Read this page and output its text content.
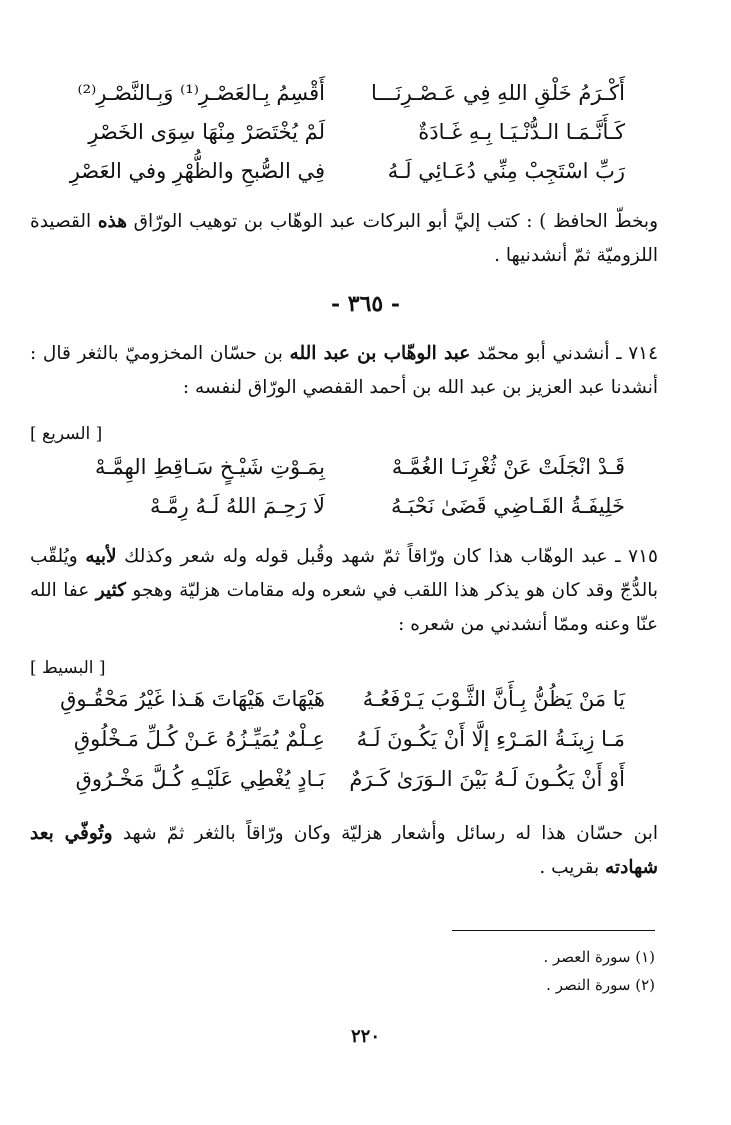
أَكْـرَمُ خَلْقِ اللهِ فِي عَـصْـرِنَـــا
أَقْسِمُ بِـالعَصْـرِ⁽¹⁾ وَبِـالنَّصْـرِ⁽²⁾
كَـأَنَّـمَـا الـدُّنْـيَـا بِـهِ غَـادَةٌ
لَمْ يُخْتَصَرْ مِنْهَا سِوَى الخَصْرِ
رَبِّ اسْتَجِبْ مِنِّي دُعَـائِي لَـهُ
فِي الصُّبحِ والظُّهْرِ وفي العَصْرِ
وبخطّ الحافظ ) : كتب إليَّ أبو البركات عبد الوهّاب بن توهيب الورّاق هذه القصيدة اللزوميّة ثمّ أنشدنيها .
- ٣٦٥ -
٧١٤ ـ أنشدني أبو محمّد عبد الوهّاب بن عبد الله بن حسّان المخزوميّ بالثغر قال : أنشدنا عبد العزيز بن عبد الله بن أحمد القفصي الورّاق لنفسه :
[ السريع ]
قَـدْ انْجَلَتْ عَنْ ثُغْرِنَـا الغُمَّـهْ
بِمَـوْتِ شَيْـخٍ سَـاقِطِ الهِمَّـهْ
خَلِيفَـةُ القَـاضِي قَضَىٰ نَحْبَـهُ
لَا رَحِـمَ اللهُ لَـهُ رِمَّـهْ
٧١٥ ـ عبد الوهّاب هذا كان ورّاقاً ثمّ شهد وقُبل قوله وله شعر وكذلك لأبيه ويُلقّب بالدُّجّ وقد كان هو يذكر هذا اللقب في شعره وله مقامات هزليّة وهجو كثير عفا الله عنّا وعنه وممّا أنشدني من شعره :
[ البسيط ]
يَا مَنْ يَظُنُّ بِـأَنَّ الثَّـوْبَ يَـرْفَعُـهُ
هَيْهَاتَ هَيْهَاتَ هَـذا غَيْرُ مَحْقُـوقِ
مَـا زِينَـةُ المَـرْءِ إلَّا أَنْ يَكُـونَ لَـهُ
عِـلْمٌ يُمَيِّـزُهُ عَـنْ كُـلِّ مَـخْلُوقِ
أَوْ أَنْ يَكُـونَ لَـهُ بَيْنَ الـوَرَىٰ كَـرَمٌ
بَـادٍ يُغْطِي عَلَيْـهِ كُـلَّ مَخْـرُوقِ
ابن حسّان هذا له رسائل وأشعار هزليّة وكان ورّاقاً بالثغر ثمّ شهد وتُوفّي بعد شهادته بقريب .
(١) سورة العصر .
(٢) سورة النصر .
٢٢٠
